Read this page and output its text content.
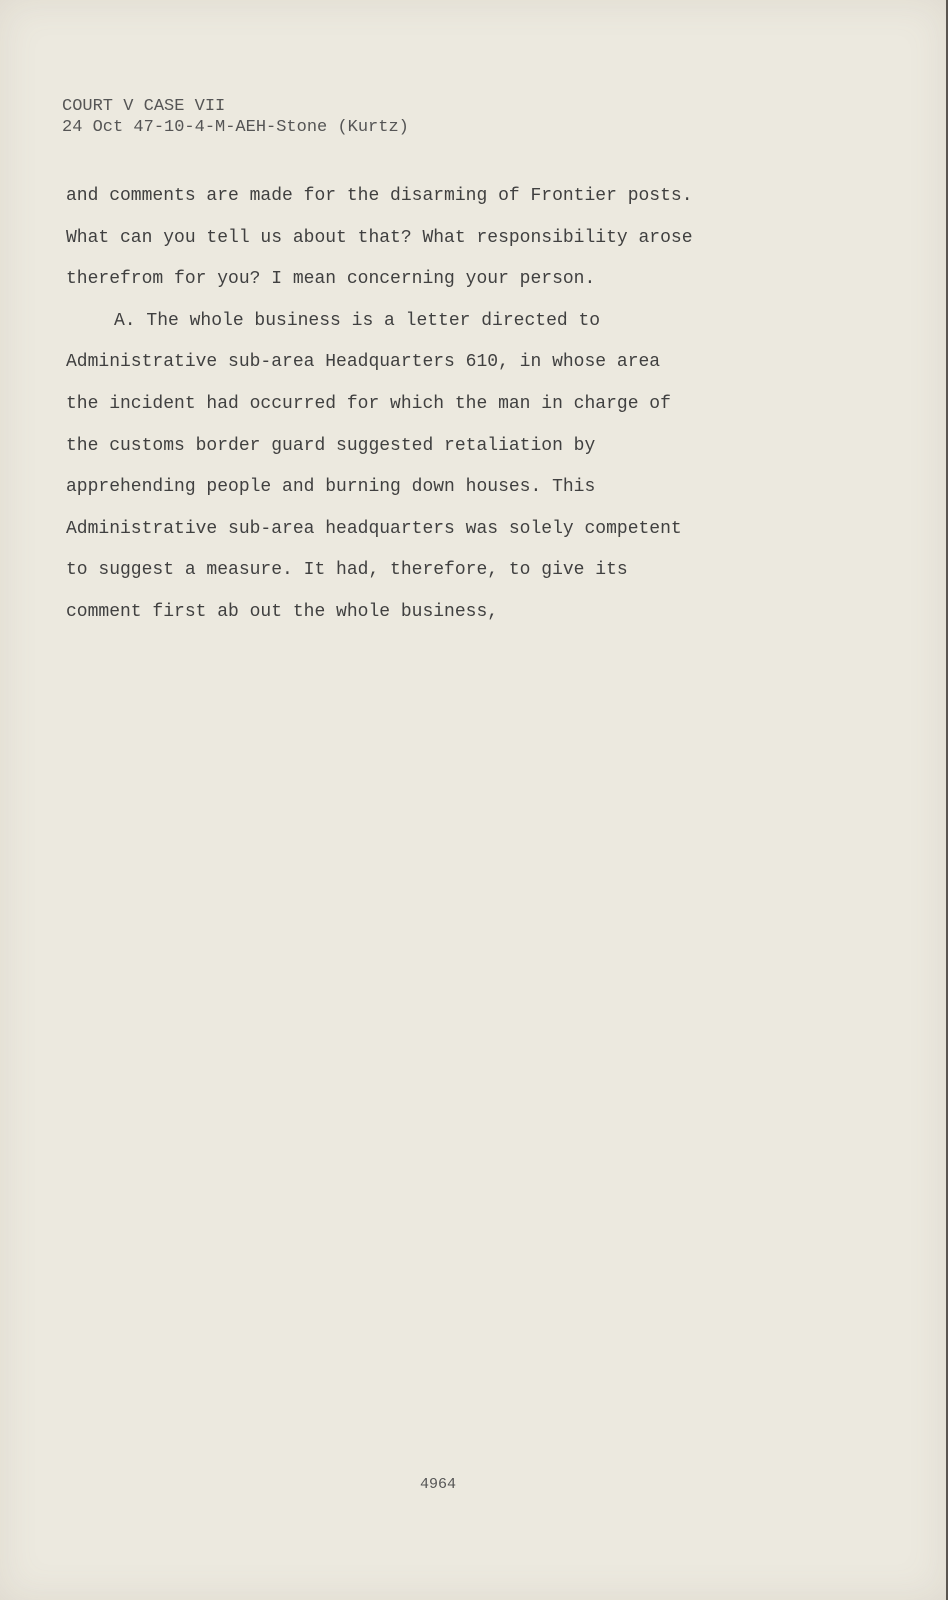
COURT V CASE VII
24 Oct 47-10-4-M-AEH-Stone (Kurtz)
and comments are made for the disarming of Frontier posts.
What can you tell us about that? What responsibility arose
therefrom for you? I mean concerning your person.
A. The whole business is a letter directed to
Administrative sub-area Headquarters 610, in whose area
the incident had occurred for which the man in charge of
the customs border guard suggested retaliation by
apprehending people and burning down houses. This
Administrative sub-area headquarters was solely competent
to suggest a measure. It had, therefore, to give its
comment first ab out the whole business,
4964
